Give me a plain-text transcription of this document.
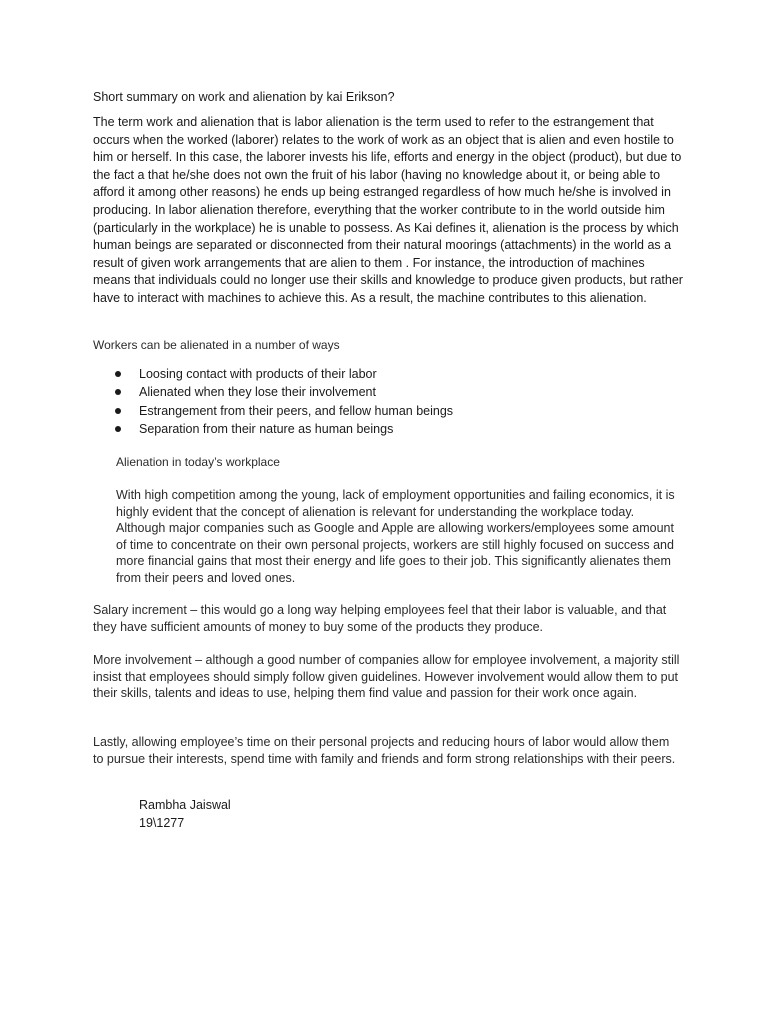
Short summary on work and alienation by kai Erikson?

The term work and alienation that is labor alienation is the term used to refer to the estrangement that occurs when the worked (laborer) relates to the work of work as an object that is alien and even hostile to him or herself. In this case, the laborer invests his life, efforts and energy in the object (product), but due to the fact a that he/she does not own the fruit of his labor (having no knowledge about it, or being able to afford it among other reasons) he ends up being estranged regardless of how much he/she is involved in producing. In labor alienation therefore, everything that the worker contribute to in the world outside him (particularly in the workplace) he is unable to possess. As Kai defines it, alienation is the process by which human beings are separated or disconnected from their natural moorings (attachments) in the world as a result of given work arrangements that are alien to them . For instance, the introduction of machines means that individuals could no longer use their skills and knowledge to produce given products, but rather have to interact with machines to achieve this. As a result, the machine contributes to this alienation.

Workers can be alienated in a number of ways

Loosing contact with products of their labor
Alienated when they lose their involvement
Estrangement from their peers, and fellow human beings
Separation from their nature as human beings

Alienation in today’s workplace

With high competition among the young, lack of employment opportunities and failing economics, it is highly evident that the concept of alienation is relevant for understanding the workplace today. Although major companies such as Google and Apple are allowing workers/employees some amount of time to concentrate on their own personal projects, workers are still highly focused on success and more financial gains that most their energy and life goes to their job. This significantly alienates them from their peers and loved ones.

Salary increment – this would go a long way helping employees feel that their labor is valuable, and that they have sufficient amounts of money to buy some of the products they produce.

More involvement – although a good number of companies allow for employee involvement, a majority still insist that employees should simply follow given guidelines. However involvement would allow them to put their skills, talents and ideas to use, helping them find value and passion for their work once again.

Lastly, allowing employee’s time on their personal projects and reducing hours of labor would allow them to pursue their interests, spend time with family and friends and form strong relationships with their peers.

Rambha Jaiswal
19\1277
